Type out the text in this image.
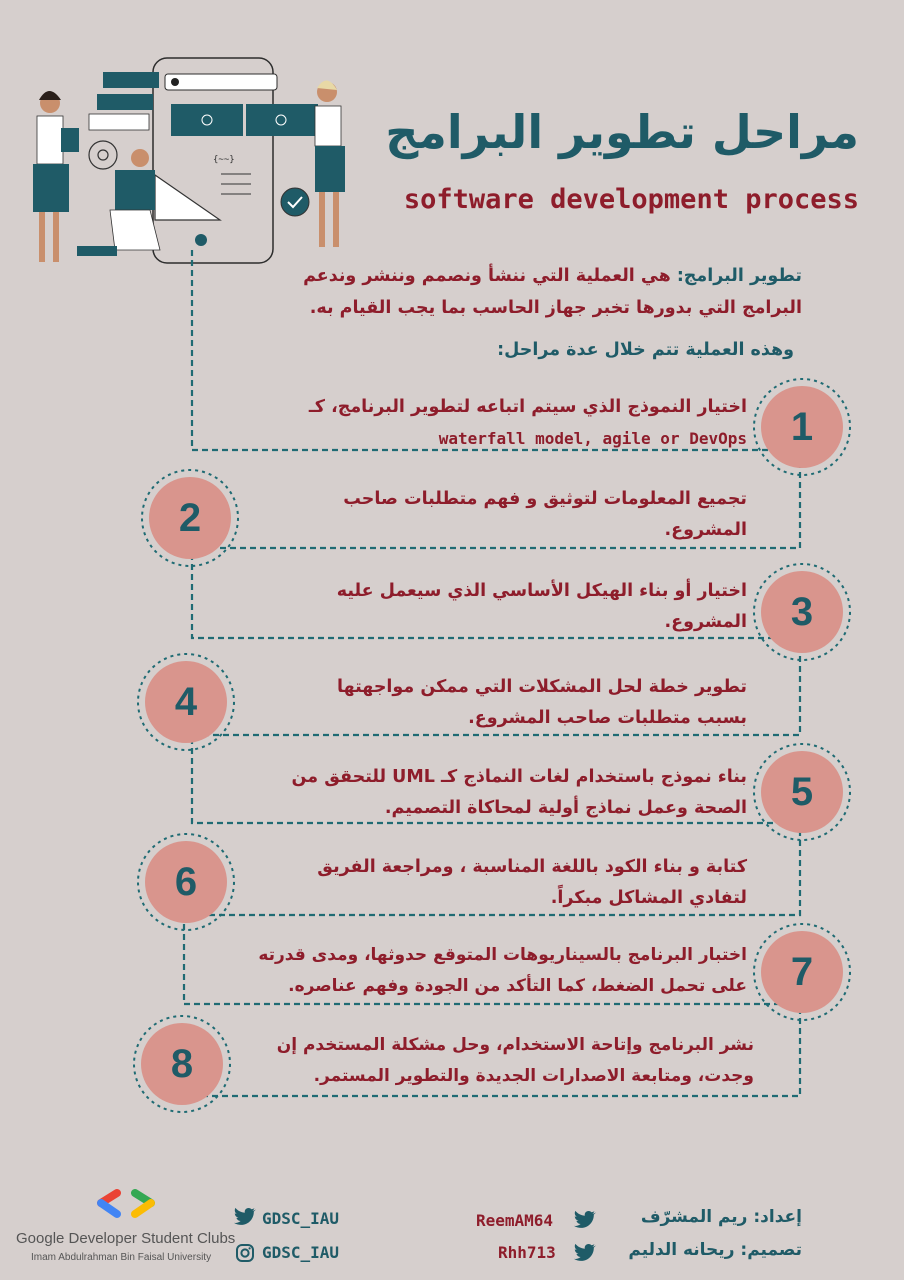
{~~}
مراحل تطوير البرامج
software development process
تطوير البرامج: هي العملية التي ننشأ ونصمم وننشر وندعم البرامج التي بدورها تخبر جهاز الحاسب بما يجب القيام به.
وهذه العملية تتم خلال عدة مراحل:
1
اختيار النموذج الذي سيتم اتباعه لتطوير البرنامج، كـ
waterfall model, agile or DevOps
2	تجميع المعلومات لتوثيق و فهم متطلبات صاحب
المشروع.
3
اختيار أو بناء الهيكل الأساسي الذي سيعمل عليه
المشروع.
4	تطوير خطة لحل المشكلات التي ممكن مواجهتها
بسبب متطلبات صاحب المشروع.
5
بناء نموذج باستخدام لغات النماذج كـ UML للتحقق من
الصحة وعمل نماذج أولية لمحاكاة التصميم.
6	كتابة و بناء الكود باللغة المناسبة ، ومراجعة الفريق
لتفادي المشاكل مبكراً.
7
اختبار البرنامج بالسيناريوهات المتوقع حدوثها، ومدى قدرته
على تحمل الضغط، كما التأكد من الجودة وفهم عناصره.
8	نشر البرنامج وإتاحة الاستخدام، وحل مشكلة المستخدم إن
وجدت، ومتابعة الاصدارات الجديدة والتطوير المستمر.
Google Developer Student Clubs
Imam Abdulrahman Bin Faisal University
GDSC_IAU
GDSC_IAU
إعداد: ريم المشرّف
ReemAM64
تصميم: ريحانه الدليم
Rhh713
